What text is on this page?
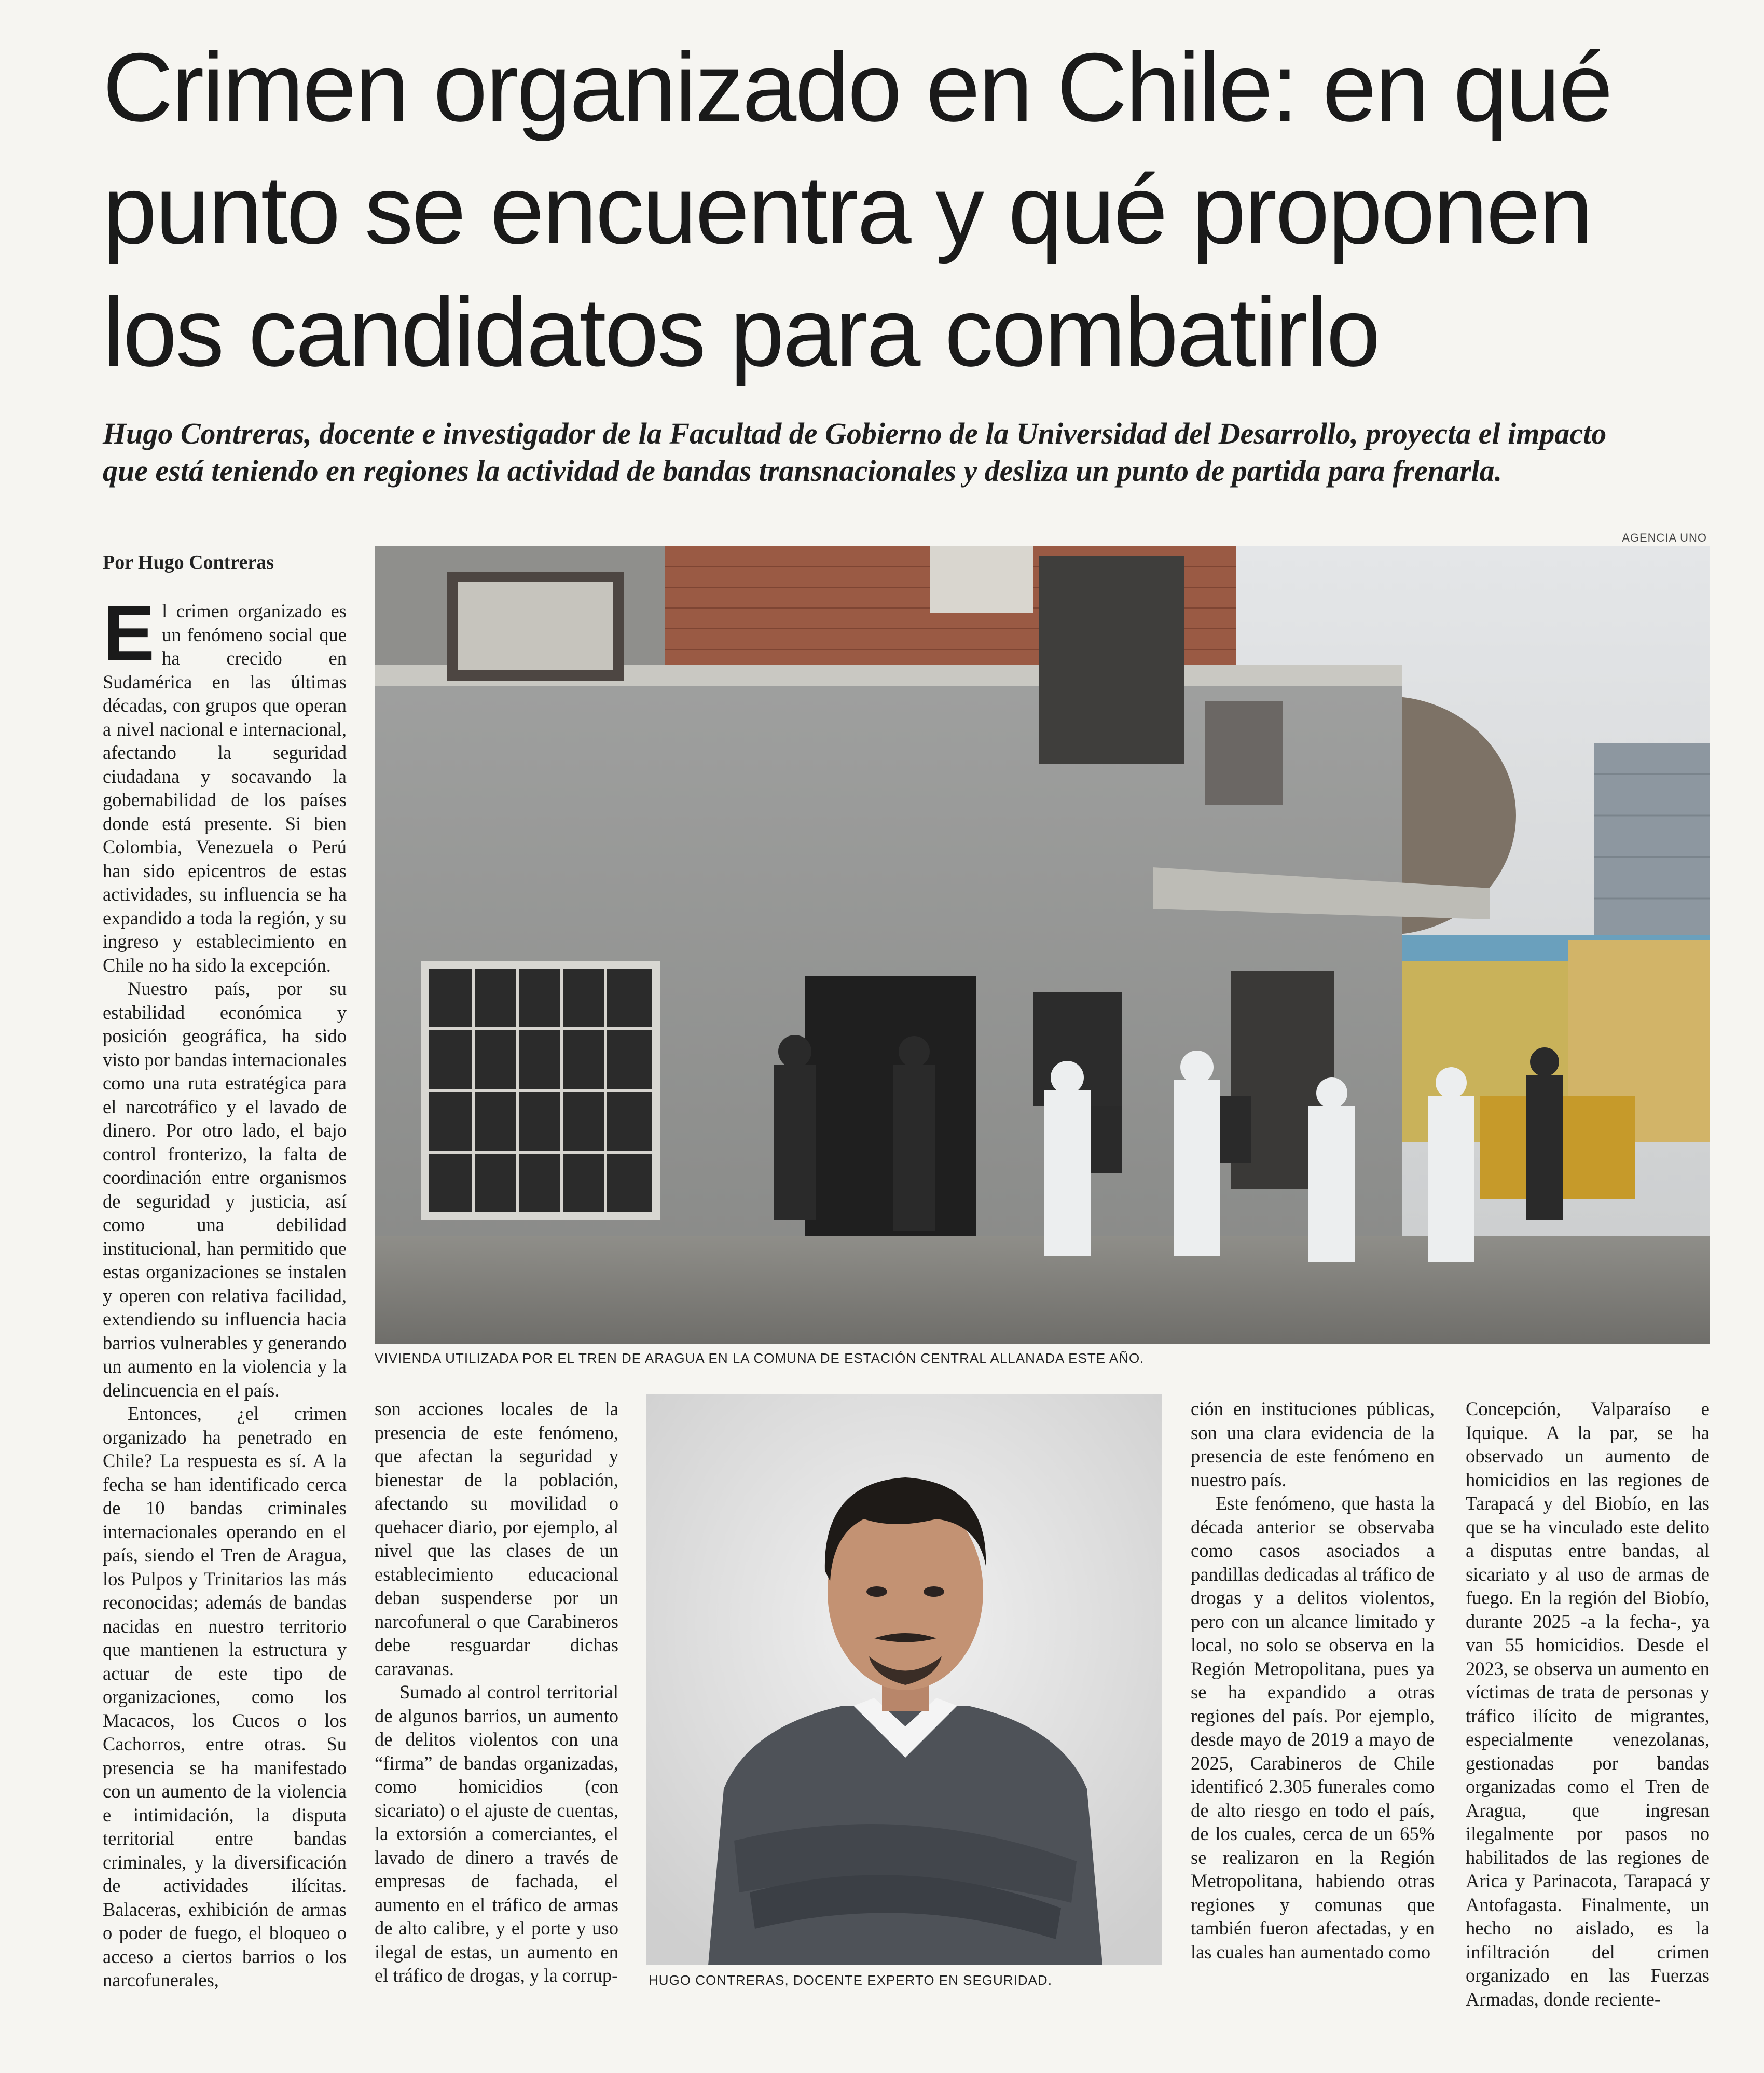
Crimen organizado en Chile: en qué
punto se encuentra y qué proponen
los candidatos para combatirlo

Hugo Contreras, docente e investigador de la Facultad de Gobierno de la Universidad del Desarrollo, proyecta el impacto
que está teniendo en regiones la actividad de bandas transnacionales y desliza un punto de partida para frenarla.

Por Hugo Contreras
AGENCIA UNO

El crimen organizado es un fenómeno social que ha crecido en Sudamérica en las últimas décadas, con grupos que operan a nivel nacional e internacional, afectando la seguridad ciudadana y socavando la gobernabilidad de los países donde está presente. Si bien Colombia, Venezuela o Perú han sido epicentros de estas actividades, su influencia se ha expandido a toda la región, y su ingreso y establecimiento en Chile no ha sido la excepción.

Nuestro país, por su estabilidad económica y posición geográfica, ha sido visto por bandas internacionales como una ruta estratégica para el narcotráfico y el lavado de dinero. Por otro lado, el bajo control fronterizo, la falta de coordinación entre organismos de seguridad y justicia, así como una debilidad institucional, han permitido que estas organizaciones se instalen y operen con relativa facilidad, extendiendo su influencia hacia barrios vulnerables y generando un aumento en la violencia y la delincuencia en el país.

Entonces, ¿el crimen organizado ha penetrado en Chile? La respuesta es sí. A la fecha se han identificado cerca de 10 bandas criminales internacionales operando en el país, siendo el Tren de Aragua, los Pulpos y Trinitarios las más reconocidas; además de bandas nacidas en nuestro territorio que mantienen la estructura y actuar de este tipo de organizaciones, como los Macacos, los Cucos o los Cachorros, entre otras. Su presencia se ha manifestado con un aumento de la violencia e intimidación, la disputa territorial entre bandas criminales, y la diversificación de actividades ilícitas. Balaceras, exhibición de armas o poder de fuego, el bloqueo o acceso a ciertos barrios o los narcofunerales,

VIVIENDA UTILIZADA POR EL TREN DE ARAGUA EN LA COMUNA DE ESTACIÓN CENTRAL ALLANADA ESTE AÑO.

son acciones locales de la presencia de este fenómeno, que afectan la seguridad y bienestar de la población, afectando su movilidad o quehacer diario, por ejemplo, al nivel que las clases de un establecimiento educacional deban suspenderse por un narcofuneral o que Carabineros debe resguardar dichas caravanas.

Sumado al control territorial de algunos barrios, un aumento de delitos violentos con una “firma” de bandas organizadas, como homicidios (con sicariato) o el ajuste de cuentas, la extorsión a comerciantes, el lavado de dinero a través de empresas de fachada, el aumento en el tráfico de armas de alto calibre, y el porte y uso ilegal de estas, un aumento en el tráfico de drogas, y la corrup- HUGO CONTRERAS, DOCENTE EXPERTO EN SEGURIDAD.

ción en instituciones públicas, son una clara evidencia de la presencia de este fenómeno en nuestro país.

Este fenómeno, que hasta la década anterior se observaba como casos asociados a pandillas dedicadas al tráfico de drogas y a delitos violentos, pero con un alcance limitado y local, no solo se observa en la Región Metropolitana, pues ya se ha expandido a otras regiones del país. Por ejemplo, desde mayo de 2019 a mayo de 2025, Carabineros de Chile identificó 2.305 funerales como de alto riesgo en todo el país, de los cuales, cerca de un 65% se realizaron en la Región Metropolitana, habiendo otras regiones y comunas que también fueron afectadas, y en las cuales han aumentado como

Concepción, Valparaíso e Iquique. A la par, se ha observado un aumento de homicidios en las regiones de Tarapacá y del Biobío, en las que se ha vinculado este delito a disputas entre bandas, al sicariato y al uso de armas de fuego. En la región del Biobío, durante 2025 -a la fecha-, ya van 55 homicidios. Desde el 2023, se observa un aumento en víctimas de trata de personas y tráfico ilícito de migrantes, especialmente venezolanas, gestionadas por bandas organizadas como el Tren de Aragua, que ingresan ilegalmente por pasos no habilitados de las regiones de Arica y Parinacota, Tarapacá y Antofagasta. Finalmente, un hecho no aislado, es la infiltración del crimen organizado en las Fuerzas Armadas, donde reciente-
